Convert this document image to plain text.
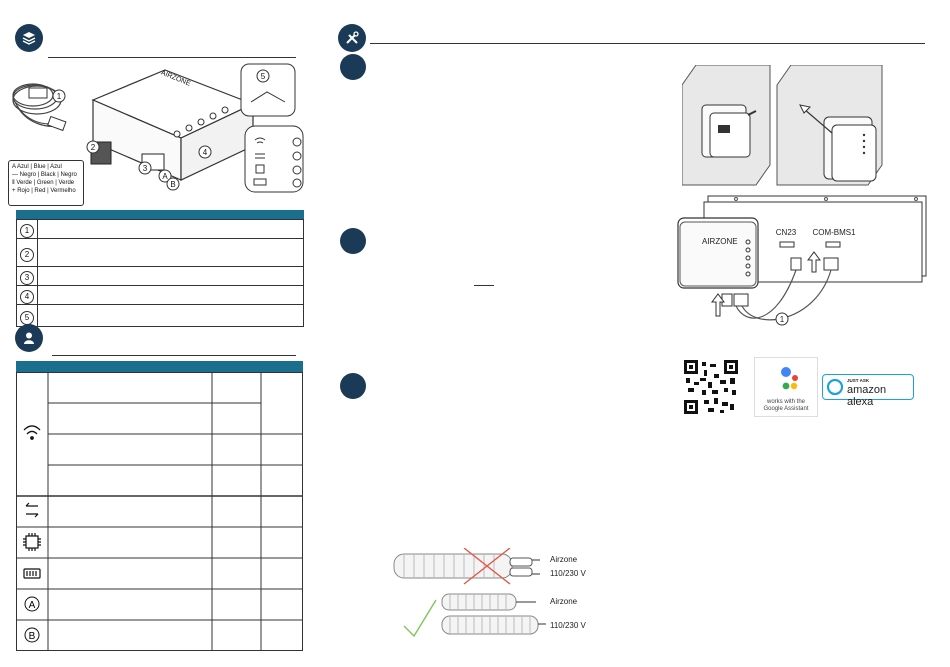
1
2
3
4
5
A
B
AIRZONE
A Azul | Blue | Azul
— Negro | Black | Negro
⦀ Verde | Green | Verde
+ Rojo | Red | Vermelho
1	
2	
3	
4	
5	
A
B
CN23 COM-BMS1
AIRZONE
1
works with the
Google Assistant
JUST ASK
amazon alexa
Airzone
110/230 V
Airzone
110/230 V
